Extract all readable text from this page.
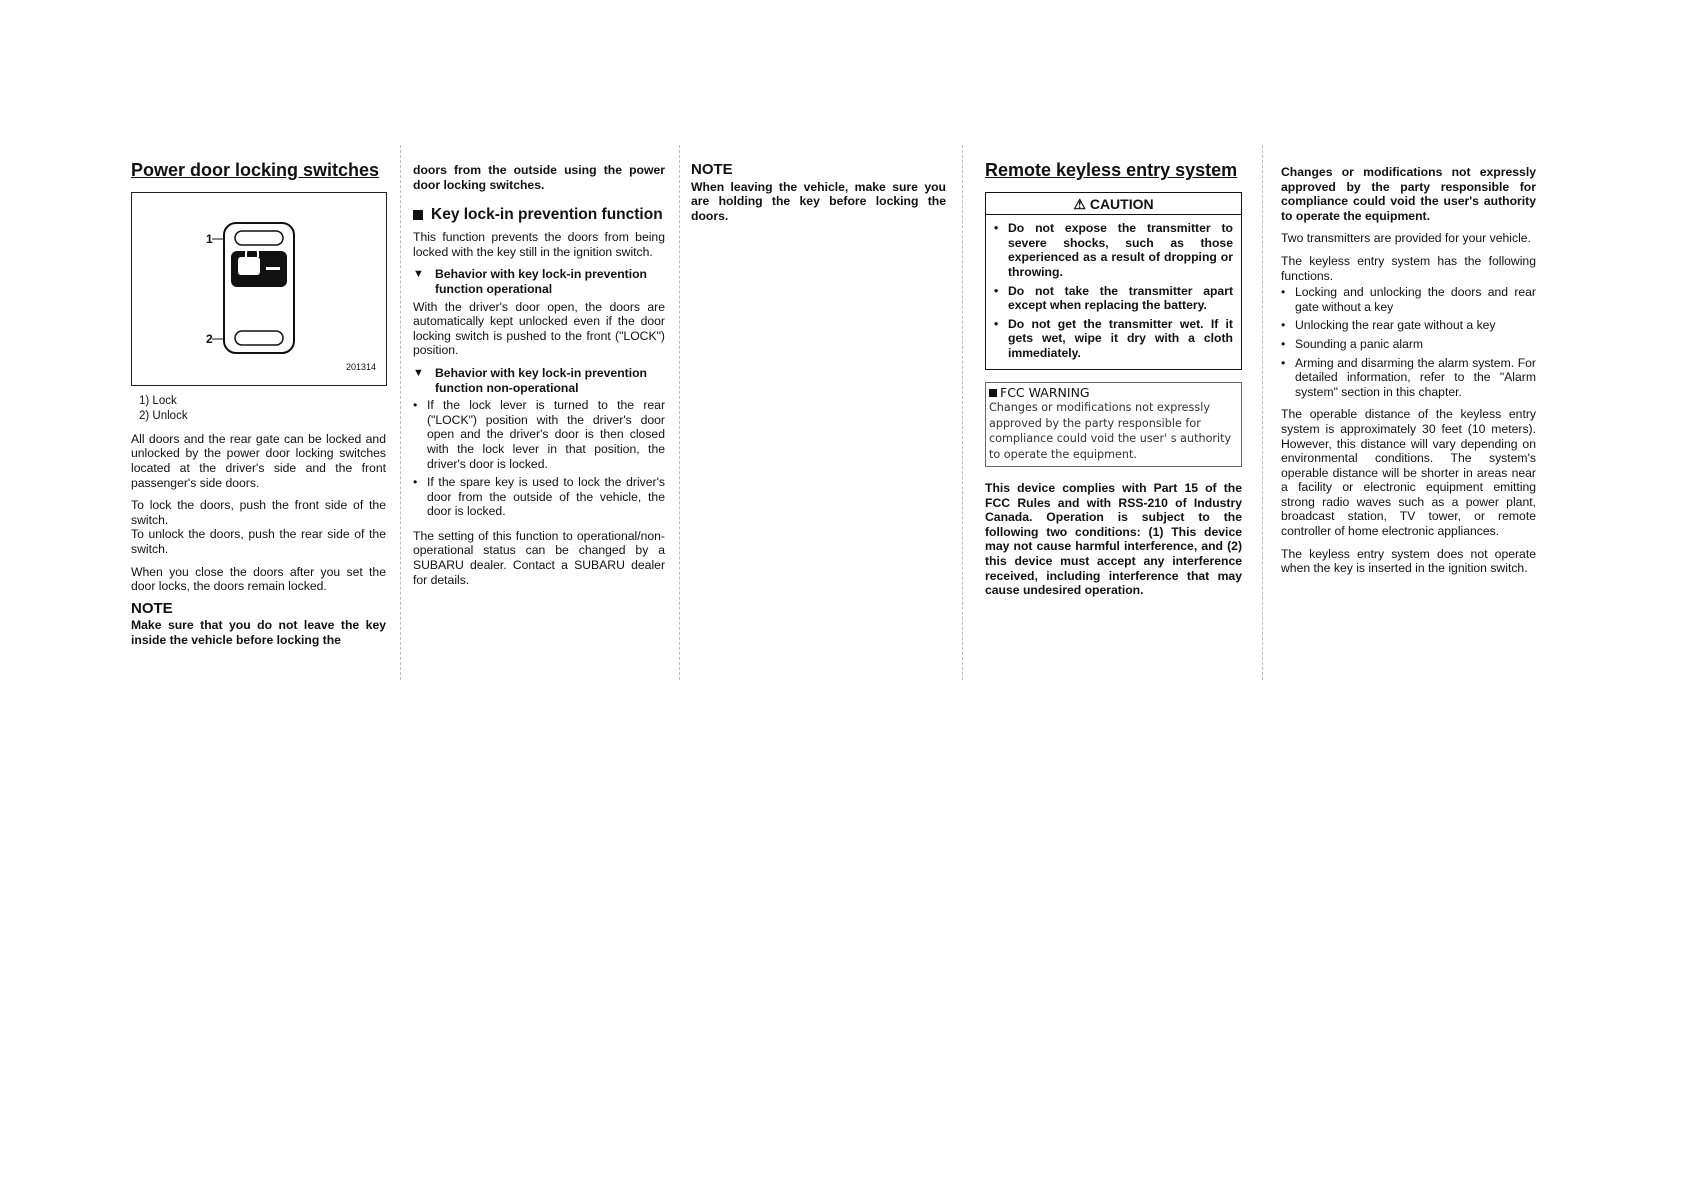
Power door locking switches
1
2
201314
1) Lock
2) Unlock

All doors and the rear gate can be locked and unlocked by the power door locking switches located at the driver's side and the front passenger's side doors.

To lock the doors, push the front side of the switch.

To unlock the doors, push the rear side of the switch.

When you close the doors after you set the door locks, the doors remain locked.

NOTE

Make sure that you do not leave the key inside the vehicle before locking the

doors from the outside using the power door locking switches.

Key lock-in prevention function

This function prevents the doors from being locked with the key still in the ignition switch.

▼ Behavior with key lock-in prevention function operational

With the driver's door open, the doors are automatically kept unlocked even if the door locking switch is pushed to the front ("LOCK") position.

▼ Behavior with key lock-in prevention function non-operational
• If the lock lever is turned to the rear ("LOCK") position with the driver's door open and the driver's door is then closed with the lock lever in that position, the driver's door is locked.
• If the spare key is used to lock the driver's door from the outside of the vehicle, the door is locked.

The setting of this function to operational/non-operational status can be changed by a SUBARU dealer. Contact a SUBARU dealer for details.

NOTE

When leaving the vehicle, make sure you are holding the key before locking the doors.

Remote keyless entry system
⚠ CAUTION
• Do not expose the transmitter to severe shocks, such as those experienced as a result of dropping or throwing.
• Do not take the transmitter apart except when replacing the battery.
• Do not get the transmitter wet. If it gets wet, wipe it dry with a cloth immediately.
FCC WARNING
Changes or modifications not expressly approved by the party responsible for compliance could void the user' s authority to operate the equipment.

This device complies with Part 15 of the FCC Rules and with RSS-210 of Industry Canada. Operation is subject to the following two conditions: (1) This device may not cause harmful interference, and (2) this device must accept any interference received, including interference that may cause undesired operation.

Changes or modifications not expressly approved by the party responsible for compliance could void the user's authority to operate the equipment.

Two transmitters are provided for your vehicle.

The keyless entry system has the following functions.

• Locking and unlocking the doors and rear gate without a key
• Unlocking the rear gate without a key
• Sounding a panic alarm
• Arming and disarming the alarm system. For detailed information, refer to the "Alarm system" section in this chapter.

The operable distance of the keyless entry system is approximately 30 feet (10 meters). However, this distance will vary depending on environmental conditions. The system's operable distance will be shorter in areas near a facility or electronic equipment emitting strong radio waves such as a power plant, broadcast station, TV tower, or remote controller of home electronic appliances.

The keyless entry system does not operate when the key is inserted in the ignition switch.
